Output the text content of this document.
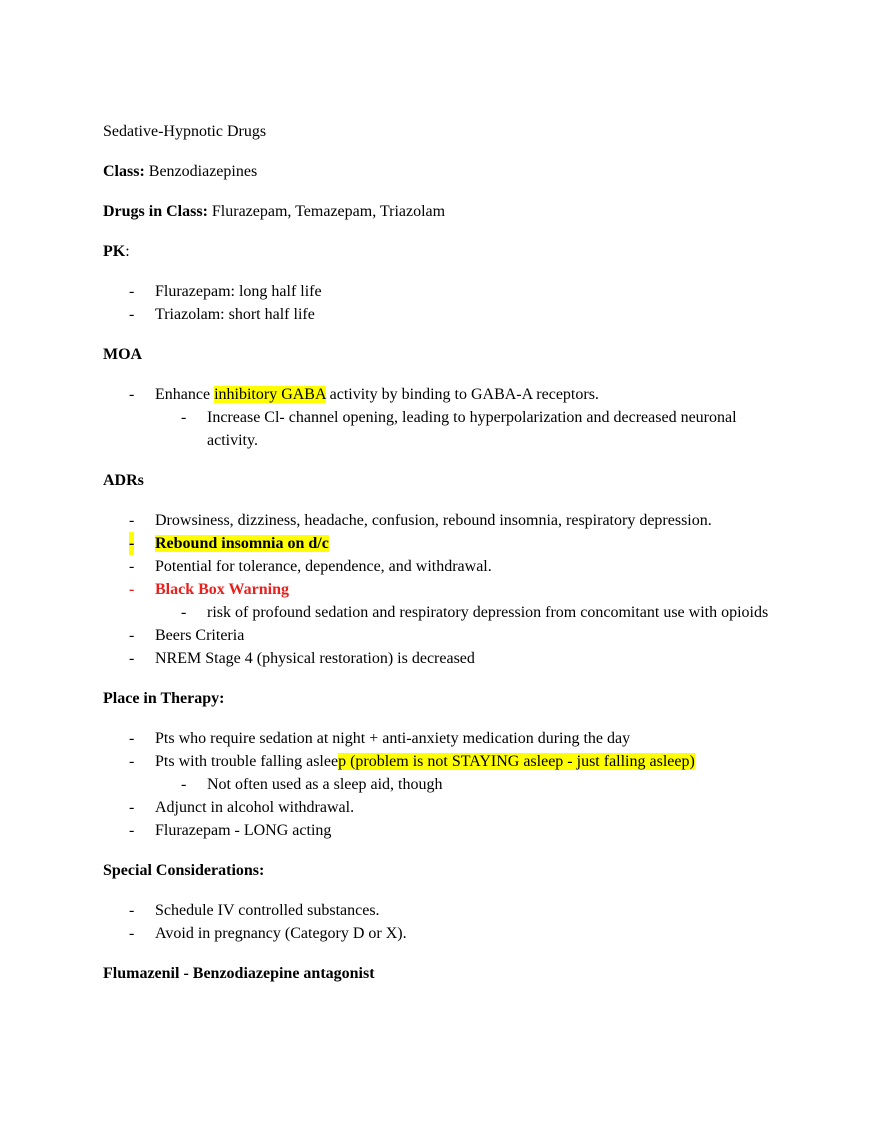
Sedative-Hypnotic Drugs

Class: Benzodiazepines

Drugs in Class: Flurazepam, Temazepam, Triazolam

PK:

- Flurazepam: long half life
- Triazolam: short half life

MOA

- Enhance inhibitory GABA activity by binding to GABA-A receptors.
- Increase Cl- channel opening, leading to hyperpolarization and decreased neuronal activity.

ADRs

- Drowsiness, dizziness, headache, confusion, rebound insomnia, respiratory depression.
- Rebound insomnia on d/c
- Potential for tolerance, dependence, and withdrawal.
- Black Box Warning
- risk of profound sedation and respiratory depression from concomitant use with opioids
- Beers Criteria
- NREM Stage 4 (physical restoration) is decreased

Place in Therapy:

- Pts who require sedation at night + anti-anxiety medication during the day
- Pts with trouble falling asleep (problem is not STAYING asleep - just falling asleep)
- Not often used as a sleep aid, though
- Adjunct in alcohol withdrawal.
- Flurazepam - LONG acting

Special Considerations:

- Schedule IV controlled substances.
- Avoid in pregnancy (Category D or X).

Flumazenil - Benzodiazepine antagonist
